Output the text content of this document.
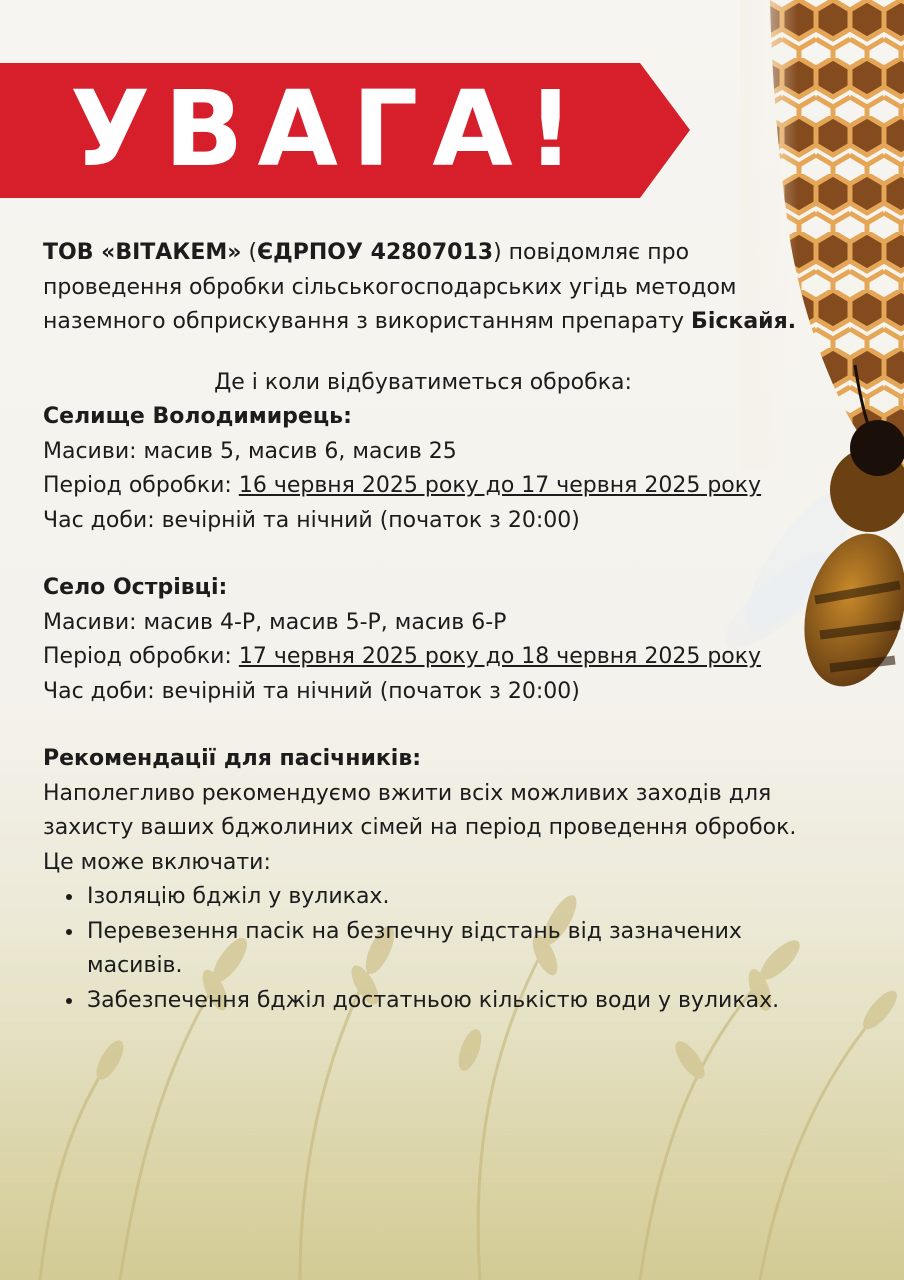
УВАГА!

ТОВ «ВІТАКЕМ» (ЄДРПОУ 42807013) повідомляє про проведення обробки сільськогосподарських угідь методом наземного обприскування з використанням препарату Біскайя.

Де і коли відбуватиметься обробка:

Селище Володимирець:

Масиви: масив 5, масив 6, масив 25

Період обробки: 16 червня 2025 року до 17 червня 2025 року

Час доби: вечірній та нічний (початок з 20:00)

Село Острівці:

Масиви: масив 4-Р, масив 5-Р, масив 6-Р

Період обробки: 17 червня 2025 року до 18 червня 2025 року

Час доби: вечірній та нічний (початок з 20:00)

Рекомендації для пасічників:

Наполегливо рекомендуємо вжити всіх можливих заходів для захисту ваших бджолиних сімей на період проведення обробок. Це може включати:

• Ізоляцію бджіл у вуликах.
• Перевезення пасік на безпечну відстань від зазначених масивів.
• Забезпечення бджіл достатньою кількістю води у вуликах.
